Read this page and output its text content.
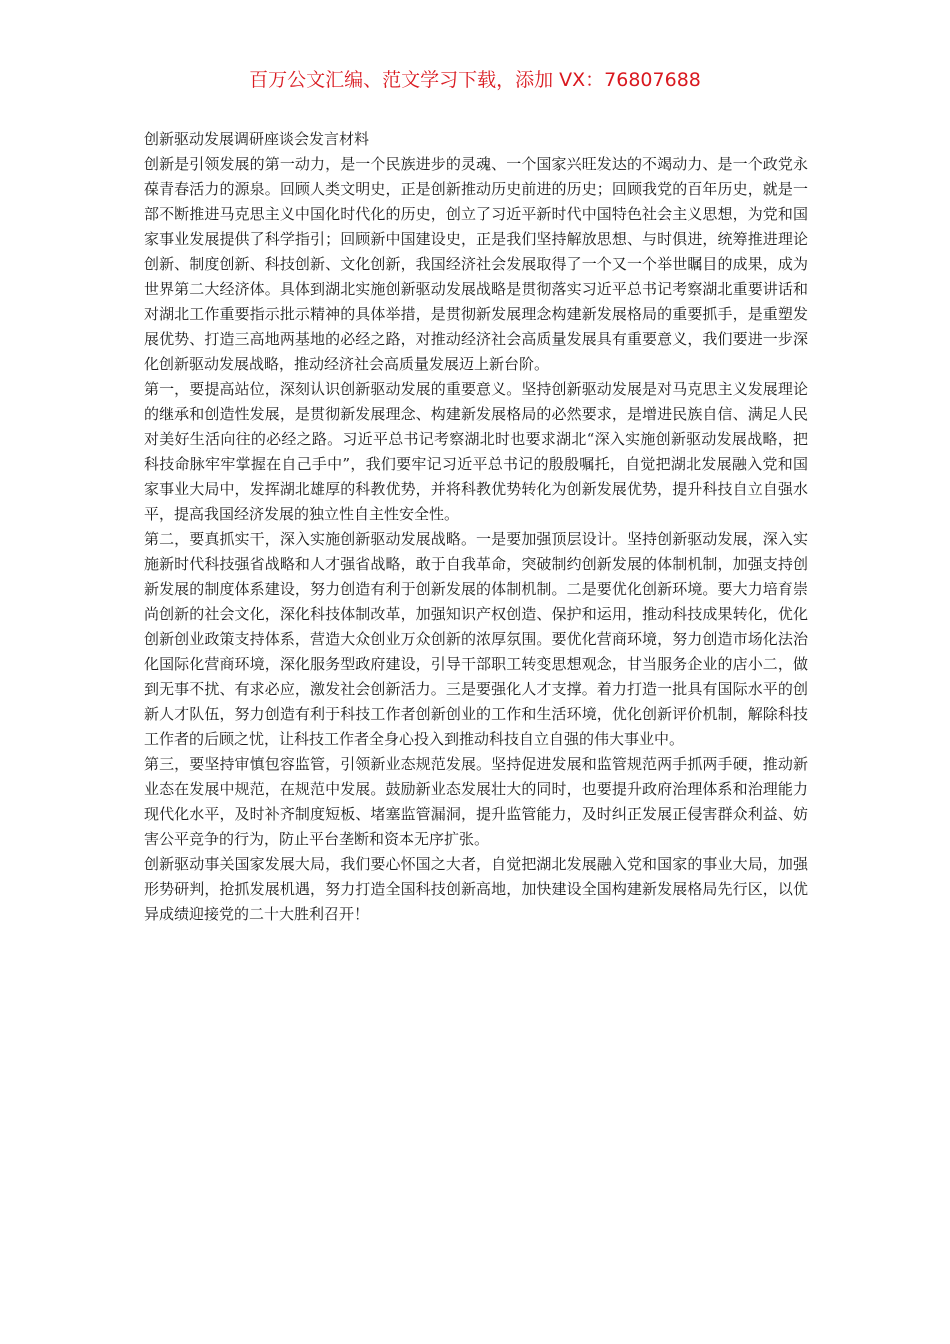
百万公文汇编、范文学习下载，添加 VX：76807688

创新驱动发展调研座谈会发言材料

创新是引领发展的第一动力，是一个民族进步的灵魂、一个国家兴旺发达的不竭动力、是一个政党永葆青春活力的源泉。回顾人类文明史，正是创新推动历史前进的历史；回顾我党的百年历史，就是一部不断推进马克思主义中国化时代化的历史，创立了习近平新时代中国特色社会主义思想，为党和国家事业发展提供了科学指引；回顾新中国建设史，正是我们坚持解放思想、与时俱进，统筹推进理论创新、制度创新、科技创新、文化创新，我国经济社会发展取得了一个又一个举世瞩目的成果，成为世界第二大经济体。具体到湖北实施创新驱动发展战略是贯彻落实习近平总书记考察湖北重要讲话和对湖北工作重要指示批示精神的具体举措，是贯彻新发展理念构建新发展格局的重要抓手，是重塑发展优势、打造三高地两基地的必经之路，对推动经济社会高质量发展具有重要意义，我们要进一步深化创新驱动发展战略，推动经济社会高质量发展迈上新台阶。

第一，要提高站位，深刻认识创新驱动发展的重要意义。坚持创新驱动发展是对马克思主义发展理论的继承和创造性发展，是贯彻新发展理念、构建新发展格局的必然要求，是增进民族自信、满足人民对美好生活向往的必经之路。习近平总书记考察湖北时也要求湖北“深入实施创新驱动发展战略，把科技命脉牢牢掌握在自己手中”，我们要牢记习近平总书记的殷殷嘱托，自觉把湖北发展融入党和国家事业大局中，发挥湖北雄厚的科教优势，并将科教优势转化为创新发展优势，提升科技自立自强水平，提高我国经济发展的独立性自主性安全性。

第二，要真抓实干，深入实施创新驱动发展战略。一是要加强顶层设计。坚持创新驱动发展，深入实施新时代科技强省战略和人才强省战略，敢于自我革命，突破制约创新发展的体制机制，加强支持创新发展的制度体系建设，努力创造有利于创新发展的体制机制。二是要优化创新环境。要大力培育崇尚创新的社会文化，深化科技体制改革，加强知识产权创造、保护和运用，推动科技成果转化，优化创新创业政策支持体系，营造大众创业万众创新的浓厚氛围。要优化营商环境，努力创造市场化法治化国际化营商环境，深化服务型政府建设，引导干部职工转变思想观念，甘当服务企业的店小二，做到无事不扰、有求必应，激发社会创新活力。三是要强化人才支撑。着力打造一批具有国际水平的创新人才队伍，努力创造有利于科技工作者创新创业的工作和生活环境，优化创新评价机制，解除科技工作者的后顾之忧，让科技工作者全身心投入到推动科技自立自强的伟大事业中。

第三，要坚持审慎包容监管，引领新业态规范发展。坚持促进发展和监管规范两手抓两手硬，推动新业态在发展中规范，在规范中发展。鼓励新业态发展壮大的同时，也要提升政府治理体系和治理能力现代化水平，及时补齐制度短板、堵塞监管漏洞，提升监管能力，及时纠正发展正侵害群众利益、妨害公平竞争的行为，防止平台垄断和资本无序扩张。

创新驱动事关国家发展大局，我们要心怀国之大者，自觉把湖北发展融入党和国家的事业大局，加强形势研判，抢抓发展机遇，努力打造全国科技创新高地，加快建设全国构建新发展格局先行区，以优异成绩迎接党的二十大胜利召开！
